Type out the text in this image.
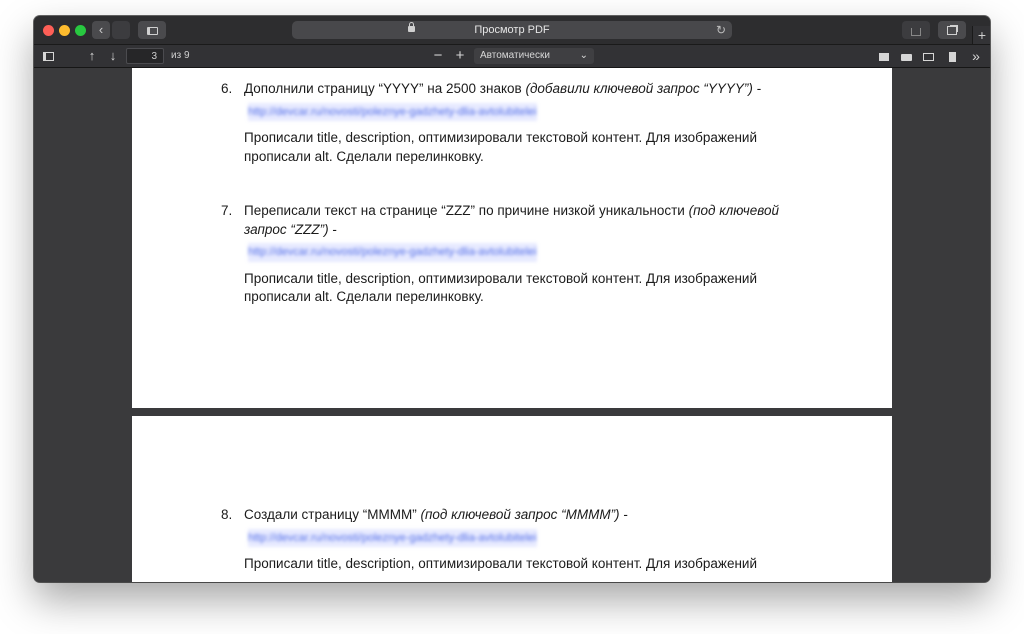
‹	Просмотр PDF	↻	+
↑	↓	3	из 9	− +	Автоматически	⌄	»
6. Дополнили страницу “YYYY” на 2500 знаков (добавили ключевой запрос “YYYY”) -
http://devcar.ru/novosti/poleznye-gadzhety-dlia-avtolubitelei
Прописали title, description, оптимизировали текстовой контент. Для изображений прописали alt. Сделали перелинковку.
7. Переписали текст на странице “ZZZ” по причине низкой уникальности (под ключевой запрос “ZZZ”) -
http://devcar.ru/novosti/poleznye-gadzhety-dlia-avtolubitelei
Прописали title, description, оптимизировали текстовой контент. Для изображений прописали alt. Сделали перелинковку.
8. Создали страницу “MMMM” (под ключевой запрос “MMMM”) -
http://devcar.ru/novosti/poleznye-gadzhety-dlia-avtolubitelei
Прописали title, description, оптимизировали текстовой контент. Для изображений
